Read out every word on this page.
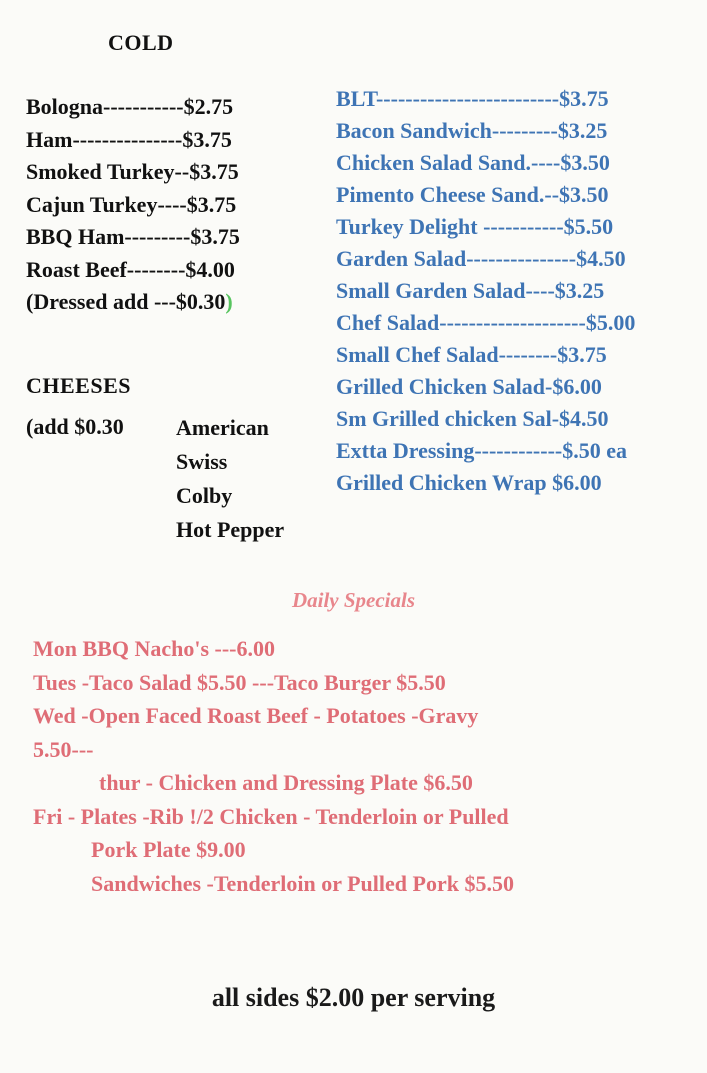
COLD
Bologna-----------$2.75
Ham---------------$3.75
Smoked Turkey--$3.75
Cajun Turkey----$3.75
BBQ Ham---------$3.75
Roast Beef--------$4.00
(Dressed add ---$0.30)
BLT-------------------------$3.75
Bacon Sandwich---------$3.25
Chicken Salad Sand.----$3.50
Pimento Cheese Sand.--$3.50
Turkey Delight -----------$5.50
Garden Salad---------------$4.50
Small Garden Salad----$3.25
Chef Salad--------------------$5.00
Small Chef Salad--------$3.75
Grilled Chicken Salad-$6.00
Sm Grilled chicken Sal-$4.50
Extta Dressing------------$.50 ea
Grilled Chicken Wrap $6.00
CHEESES
(add $0.30 American
Swiss
Colby
Hot Pepper
Daily Specials
Mon BBQ Nacho's ---6.00
Tues -Taco Salad $5.50 ---Taco Burger $5.50
Wed -Open Faced Roast Beef - Potatoes -Gravy
5.50---
thur - Chicken and Dressing Plate $6.50
Fri - Plates -Rib !/2 Chicken - Tenderloin or Pulled
Pork Plate $9.00
Sandwiches -Tenderloin or Pulled Pork $5.50
all sides $2.00 per serving
